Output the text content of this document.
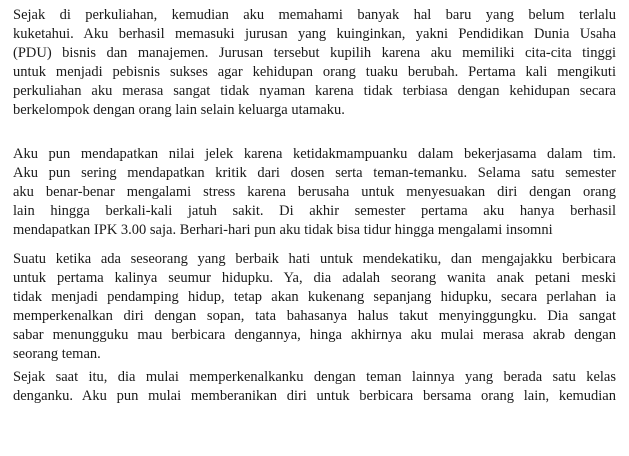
Sejak di perkuliahan, kemudian aku memahami banyak hal baru yang belum terlalu
kuketahui. Aku berhasil memasuki jurusan yang kuinginkan, yakni Pendidikan Dunia Usaha
(PDU) bisnis dan manajemen. Jurusan tersebut kupilih karena aku memiliki cita-cita tinggi
untuk menjadi pebisnis sukses agar kehidupan orang tuaku berubah. Pertama kali mengikuti
perkuliahan aku merasa sangat tidak nyaman karena tidak terbiasa dengan kehidupan secara
berkelompok dengan orang lain selain keluarga utamaku.

Aku pun mendapatkan nilai jelek karena ketidakmampuanku dalam bekerjasama dalam tim.
Aku pun sering mendapatkan kritik dari dosen serta teman-temanku. Selama satu semester
aku benar-benar mengalami stress karena berusaha untuk menyesuakan diri dengan orang
lain hingga berkali-kali jatuh sakit. Di akhir semester pertama aku hanya berhasil
mendapatkan IPK 3.00 saja. Berhari-hari pun aku tidak bisa tidur hingga mengalami insomni

Suatu ketika ada seseorang yang berbaik hati untuk mendekatiku, dan mengajakku berbicara
untuk pertama kalinya seumur hidupku. Ya, dia adalah seorang wanita anak petani meski
tidak menjadi pendamping hidup, tetap akan kukenang sepanjang hidupku, secara perlahan ia
memperkenalkan diri dengan sopan, tata bahasanya halus takut menyinggungku. Dia sangat
sabar menungguku mau berbicara dengannya, hinga akhirnya aku mulai merasa akrab dengan
seorang teman.

Sejak saat itu, dia mulai memperkenalkanku dengan teman lainnya yang berada satu kelas
denganku. Aku pun mulai memberanikan diri untuk berbicara bersama orang lain, kemudian
